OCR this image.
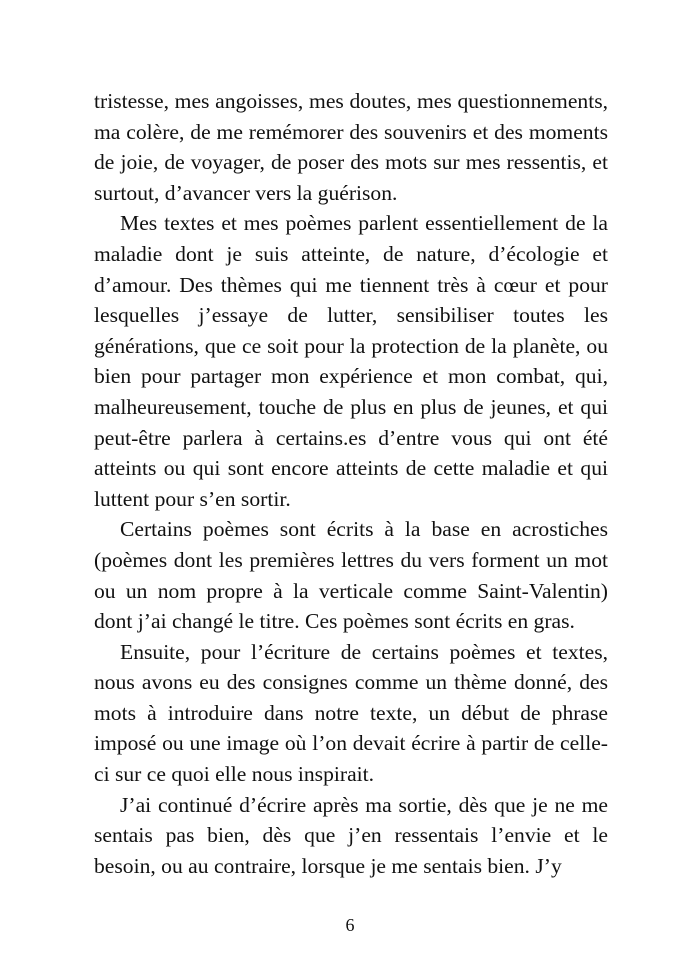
tristesse, mes angoisses, mes doutes, mes questionnements, ma colère, de me remémorer des souvenirs et des moments de joie, de voyager, de poser des mots sur mes ressentis, et surtout, d’avancer vers la guérison.

Mes textes et mes poèmes parlent essentiellement de la maladie dont je suis atteinte, de nature, d’écologie et d’amour. Des thèmes qui me tiennent très à cœur et pour lesquelles j’essaye de lutter, sensibiliser toutes les générations, que ce soit pour la protection de la planète, ou bien pour partager mon expérience et mon combat, qui, malheureusement, touche de plus en plus de jeunes, et qui peut-être parlera à certains.es d’entre vous qui ont été atteints ou qui sont encore atteints de cette maladie et qui luttent pour s’en sortir.

Certains poèmes sont écrits à la base en acrostiches (poèmes dont les premières lettres du vers forment un mot ou un nom propre à la verticale comme Saint-Valentin) dont j’ai changé le titre. Ces poèmes sont écrits en gras.

Ensuite, pour l’écriture de certains poèmes et textes, nous avons eu des consignes comme un thème donné, des mots à introduire dans notre texte, un début de phrase imposé ou une image où l’on devait écrire à partir de celle-ci sur ce quoi elle nous inspirait.

J’ai continué d’écrire après ma sortie, dès que je ne me sentais pas bien, dès que j’en ressentais l’envie et le besoin, ou au contraire, lorsque je me sentais bien. J’y

6
